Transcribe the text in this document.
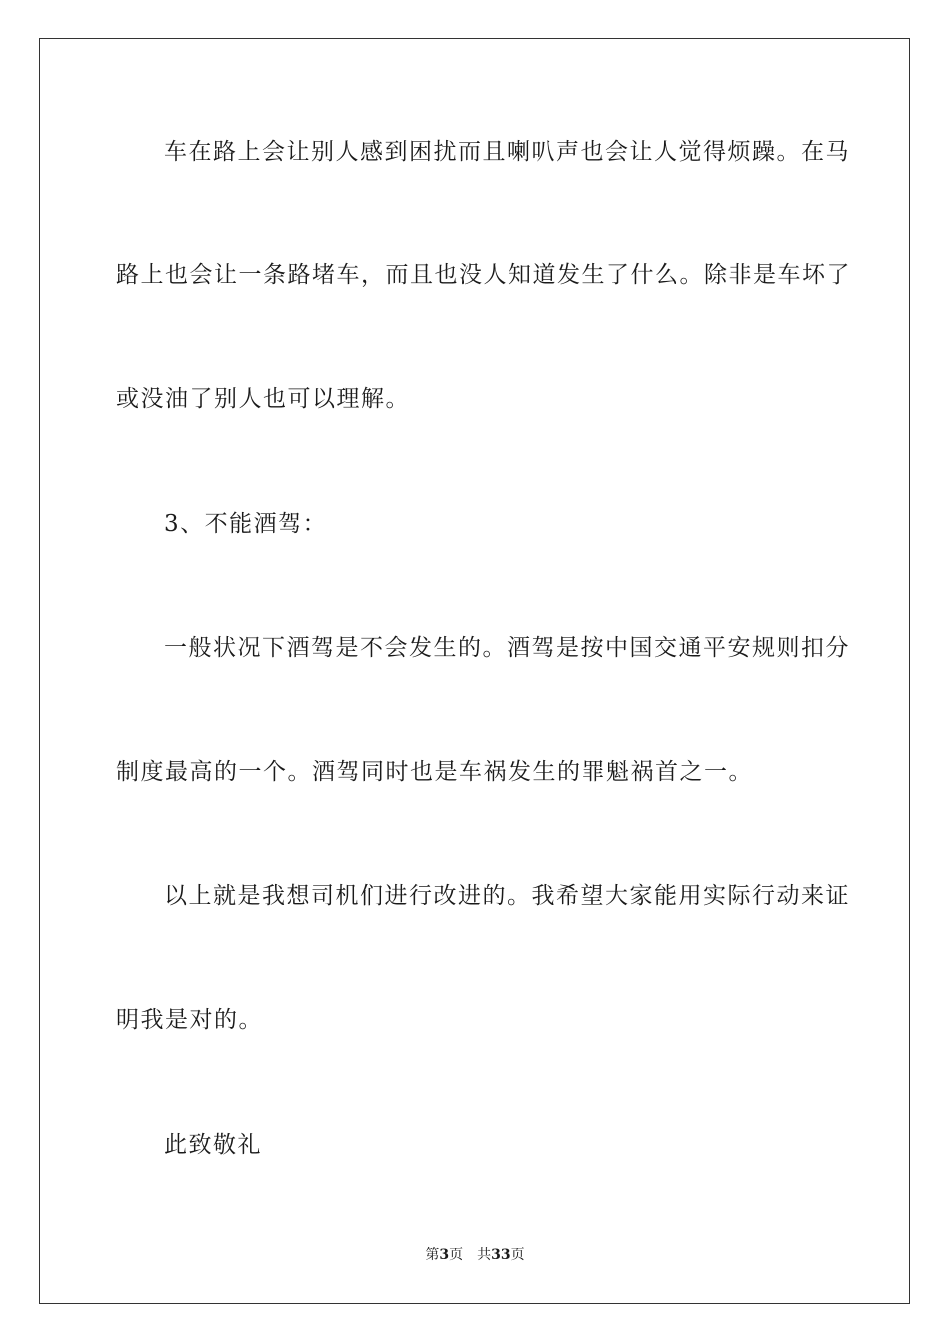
车在路上会让别人感到困扰而且喇叭声也会让人觉得烦躁。在马
路上也会让一条路堵车，而且也没人知道发生了什么。除非是车坏了
或没油了别人也可以理解。
3、不能酒驾：
一般状况下酒驾是不会发生的。酒驾是按中国交通平安规则扣分
制度最高的一个。酒驾同时也是车祸发生的罪魁祸首之一。
以上就是我想司机们进行改进的。我希望大家能用实际行动来证
明我是对的。
此致敬礼
第3页 共33页
